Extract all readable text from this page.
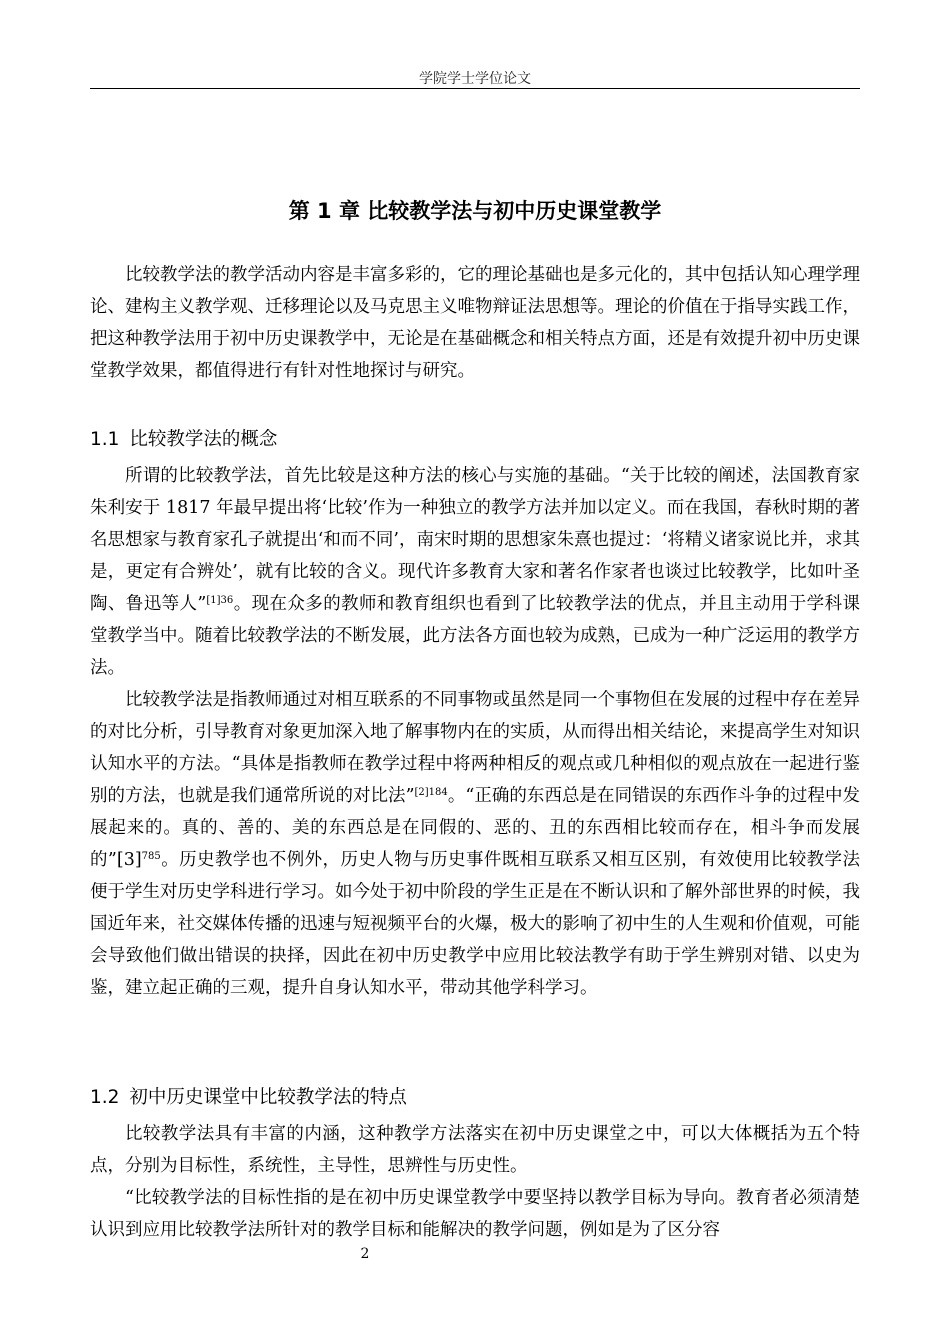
学院学士学位论文
第 1 章 比较教学法与初中历史课堂教学

比较教学法的教学活动内容是丰富多彩的，它的理论基础也是多元化的，其中包括认知心理学理论、建构主义教学观、迁移理论以及马克思主义唯物辩证法思想等。理论的价值在于指导实践工作，把这种教学法用于初中历史课教学中，无论是在基础概念和相关特点方面，还是有效提升初中历史课堂教学效果，都值得进行有针对性地探讨与研究。

1.1 比较教学法的概念

所谓的比较教学法，首先比较是这种方法的核心与实施的基础。“关于比较的阐述，法国教育家朱利安于 1817 年最早提出将‘比较’作为一种独立的教学方法并加以定义。而在我国，春秋时期的著名思想家与教育家孔子就提出‘和而不同’，南宋时期的思想家朱熹也提过：‘将精义诸家说比并，求其是，更定有合辨处’，就有比较的含义。现代许多教育大家和著名作家者也谈过比较教学，比如叶圣陶、鲁迅等人”$^{[1]36}$。现在众多的教师和教育组织也看到了比较教学法的优点，并且主动用于学科课堂教学当中。随着比较教学法的不断发展，此方法各方面也较为成熟，已成为一种广泛运用的教学方法。

比较教学法是指教师通过对相互联系的不同事物或虽然是同一个事物但在发展的过程中存在差异的对比分析，引导教育对象更加深入地了解事物内在的实质，从而得出相关结论，来提高学生对知识认知水平的方法。“具体是指教师在教学过程中将两种相反的观点或几种相似的观点放在一起进行鉴别的方法，也就是我们通常所说的对比法”$^{[2]184}$。“正确的东西总是在同错误的东西作斗争的过程中发展起来的。真的、善的、美的东西总是在同假的、恶的、丑的东西相比较而存在，相斗争而发展的$”[3]^{785}$。历史教学也不例外，历史人物与历史事件既相互联系又相互区别，有效使用比较教学法便于学生对历史学科进行学习。如今处于初中阶段的学生正是在不断认识和了解外部世界的时候，我国近年来，社交媒体传播的迅速与短视频平台的火爆，极大的影响了初中生的人生观和价值观，可能会导致他们做出错误的抉择，因此在初中历史教学中应用比较法教学有助于学生辨别对错、以史为鉴，建立起正确的三观，提升自身认知水平，带动其他学科学习。

1.2 初中历史课堂中比较教学法的特点

比较教学法具有丰富的内涵，这种教学方法落实在初中历史课堂之中，可以大体概括为五个特点，分别为目标性，系统性，主导性，思辨性与历史性。

“比较教学法的目标性指的是在初中历史课堂教学中要坚持以教学目标为导向。教育者必须清楚认识到应用比较教学法所针对的教学目标和能解决的教学问题，例如是为了区分容

2
